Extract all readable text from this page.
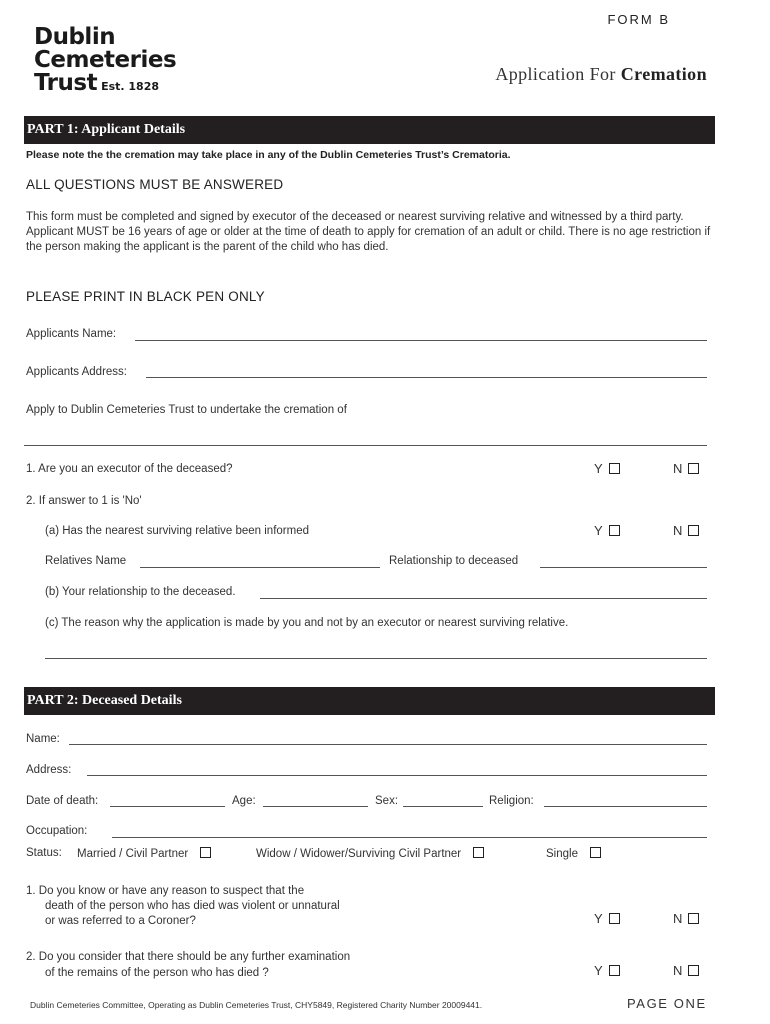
Dublin
Cemeteries
Trust Est. 1828
FORM B
Application For Cremation
PART 1: Applicant Details
Please note the the cremation may take place in any of the Dublin Cemeteries Trust’s Crematoria.
ALL QUESTIONS MUST BE ANSWERED
This form must be completed and signed by executor of the deceased or nearest surviving relative and witnessed by a third party. Applicant MUST be 16 years of age or older at the time of death to apply for cremation of an adult or child. There is no age restriction if the person making the applicant is the parent of the child who has died.
PLEASE PRINT IN BLACK PEN ONLY
Applicants Name:
Applicants Address:
Apply to Dublin Cemeteries Trust to undertake the cremation of
1. Are you an executor of the deceased?	Y	N
2. If answer to 1 is 'No'
(a) Has the nearest surviving relative been informed	Y	N
Relatives Name	Relationship to deceased
(b) Your relationship to the deceased.
(c) The reason why the application is made by you and not by an executor or nearest surviving relative.
PART 2: Deceased Details
Name:
Address:
Date of death:	Age:	Sex:	Religion:
Occupation:
Status: Married / Civil Partner	Widow / Widower/Surviving Civil Partner	Single
1. Do you know or have any reason to suspect that the
death of the person who has died was violent or unnatural
or was referred to a Coroner?	Y	N
2. Do you consider that there should be any further examination
of the remains of the person who has died ?	Y	N
Dublin Cemeteries Committee, Operating as Dublin Cemeteries Trust, CHY5849, Registered Charity Number 20009441.	PAGE ONE
